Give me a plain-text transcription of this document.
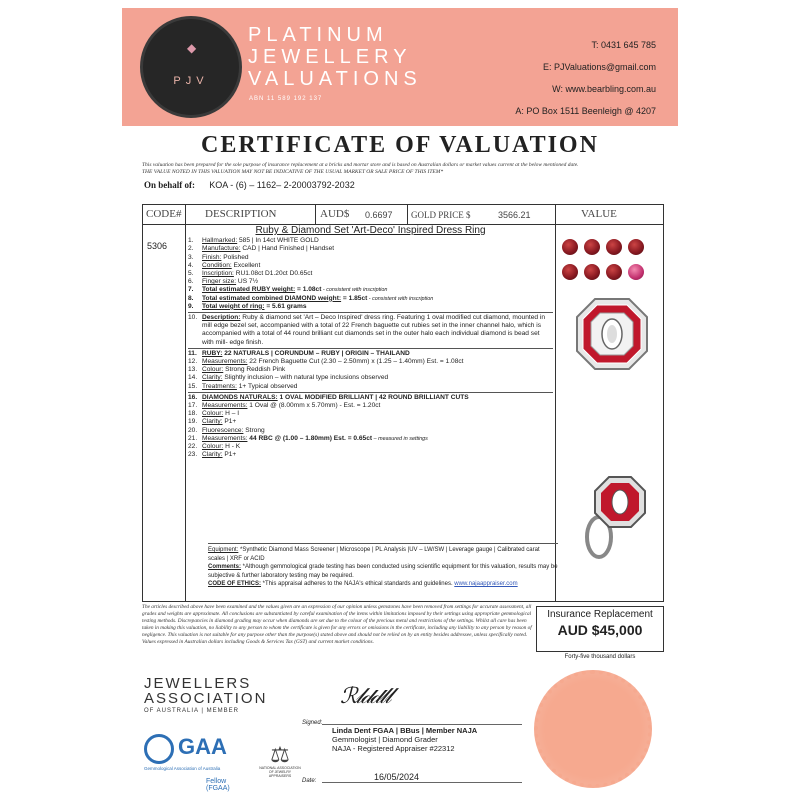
◆
PJV
PLATINUM
JEWELLERY
VALUATIONS
ABN 11 589 192 137
T: 0431 645 785
E: PJValuations@gmail.com
W: www.bearbling.com.au
A: PO Box 1511 Beenleigh @ 4207
CERTIFICATE OF VALUATION
This valuation has been prepared for the sole purpose of insurance replacement at a bricks and mortar store and is based on Australian dollars or market values current at the below mentioned date.
THE VALUE NOTED IN THIS VALUATION MAY NOT BE INDICATIVE OF THE USUAL MARKET OR SALE PRICE OF THIS ITEM*
On behalf of: KOA - (6) – 1162– 2-20003792-2032
CODE# DESCRIPTION	AUD$ 0.6697 GOLD PRICE $	3566.21	VALUE
5306
Ruby & Diamond Set 'Art-Deco' Inspired Dress Ring
1.	Hallmarked: 585 | In 14ct WHITE GOLD
2.	Manufacture: CAD | Hand Finished | Handset
3.	Finish: Polished
4.	Condition: Excellent
5.	Inscription: RU1.08ct D1.20ct D0.65ct
6.	Finger size: US 7½
7.	Total estimated RUBY weight: = 1.08ct - consistent with inscription
8.	Total estimated combined DIAMOND weight: = 1.85ct - consistent with inscription
9.	Total weight of ring: = 5.61 grams
10. Description: Ruby & diamond set 'Art – Deco Inspired' dress ring. Featuring 1 oval modified cut diamond, mounted in mill edge bezel set, accompanied with a total of 22 French baguette cut rubies set in the inner channel halo, which is accompanied with a total of 44 round brilliant cut diamonds set in the outer halo each individual diamond is bead set with mill- edge finish.
11. RUBY: 22 NATURALS | CORUNDUM – RUBY | ORIGIN – THAILAND
12. Measurements: 22 French Baguette Cut (2.30 – 2.50mm) x (1.25 – 1.40mm) Est. = 1.08ct
13. Colour: Strong Reddish Pink
14. Clarity: Slightly inclusion – with natural type inclusions observed
15. Treatments: 1+ Typical observed
16. DIAMONDS NATURALS: 1 OVAL MODIFIED BRILLIANT | 42 ROUND BRILLIANT CUTS
17. Measurements: 1 Oval @ (8.00mm x 5.70mm) - Est. = 1.20ct
18. Colour: H – I
19. Clarity: P1+
20. Fluorescence: Strong
21. Measurements: 44 RBC @ (1.00 – 1.80mm) Est. = 0.65ct – measured in settings
22. Colour: H - K
23. Clarity: P1+
Equipment: *Synthetic Diamond Mass Screener | Microscope | PL Analysis |UV – LW/SW | Leverage gauge | Calibrated carat scales | XRF or ACID
Comments: *Although gemmological grade testing has been conducted using scientific equipment for this valuation, results may be subjective & further laboratory testing may be required.
CODE OF ETHICS: *This appraisal adheres to the NAJA's ethical standards and guidelines. www.najaappraiser.com

The articles described above have been examined and the values given are an expression of our opinion unless gemstones have been removed from settings for accurate assessment, all grades and weights are approximate. All conclusions are substantiated by careful examination of the items within limitations imposed by their settings using appropriate gemmological testing methods. Discrepancies in diamond grading may occur when diamonds are set due to the colour of the precious metal and restrictions of the settings. Whilst all care has been taken in making this valuation, no liability to any person to whom the certificate is given for any errors or omissions in the certificate, including any liability to any person by reason of negligence. This valuation is not suitable for any purpose other than the purpose(s) stated above and should not be relied on by an entity besides addressee, unless specifically noted. Values expressed in Australian dollars including Goods & Services Tax (GST) and current market conditions.
Insurance Replacement
AUD $45,000
Forty-five thousand dollars
JEWELLERS
ASSOCIATION
OF AUSTRALIA | MEMBER
GAA
Gemmological Association of Australia
Fellow (FGAA)
⚖
NATIONAL ASSOCIATION OF JEWELRY APPRAISERS
Signed:
ℛ𝓁𝒹𝒹𝓁𝓁
Linda Dent FGAA | BBus | Member NAJA
Gemmologist | Diamond Grader
NAJA - Registered Appraiser #22312
Date:	16/05/2024
